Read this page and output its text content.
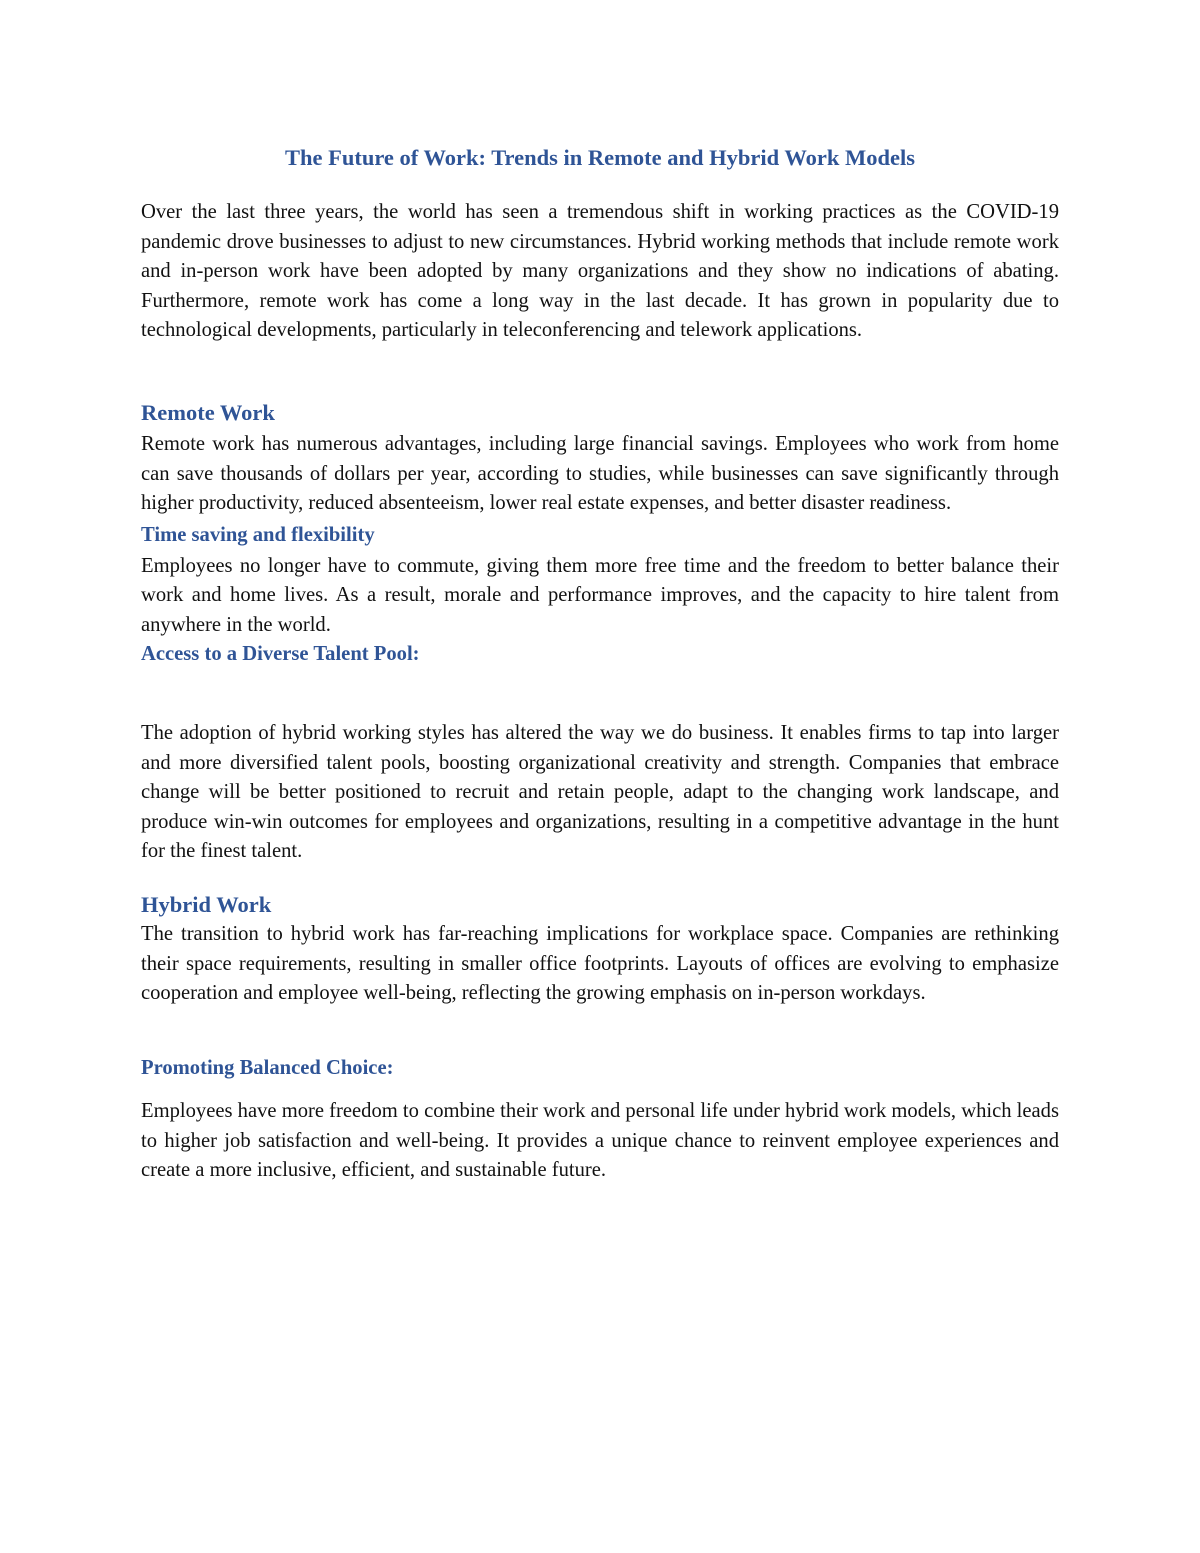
The Future of Work: Trends in Remote and Hybrid Work Models

Over the last three years, the world has seen a tremendous shift in working practices as the COVID-19 pandemic drove businesses to adjust to new circumstances. Hybrid working methods that include remote work and in-person work have been adopted by many organizations and they show no indications of abating. Furthermore, remote work has come a long way in the last decade. It has grown in popularity due to technological developments, particularly in teleconferencing and telework applications.

Remote Work

Remote work has numerous advantages, including large financial savings. Employees who work from home can save thousands of dollars per year, according to studies, while businesses can save significantly through higher productivity, reduced absenteeism, lower real estate expenses, and better disaster readiness.

Time saving and flexibility

Employees no longer have to commute, giving them more free time and the freedom to better balance their work and home lives. As a result, morale and performance improves, and the capacity to hire talent from anywhere in the world.

Access to a Diverse Talent Pool:

The adoption of hybrid working styles has altered the way we do business. It enables firms to tap into larger and more diversified talent pools, boosting organizational creativity and strength. Companies that embrace change will be better positioned to recruit and retain people, adapt to the changing work landscape, and produce win-win outcomes for employees and organizations, resulting in a competitive advantage in the hunt for the finest talent.

Hybrid Work

The transition to hybrid work has far-reaching implications for workplace space. Companies are rethinking their space requirements, resulting in smaller office footprints. Layouts of offices are evolving to emphasize cooperation and employee well-being, reflecting the growing emphasis on in-person workdays.

Promoting Balanced Choice:

Employees have more freedom to combine their work and personal life under hybrid work models, which leads to higher job satisfaction and well-being. It provides a unique chance to reinvent employee experiences and create a more inclusive, efficient, and sustainable future.
